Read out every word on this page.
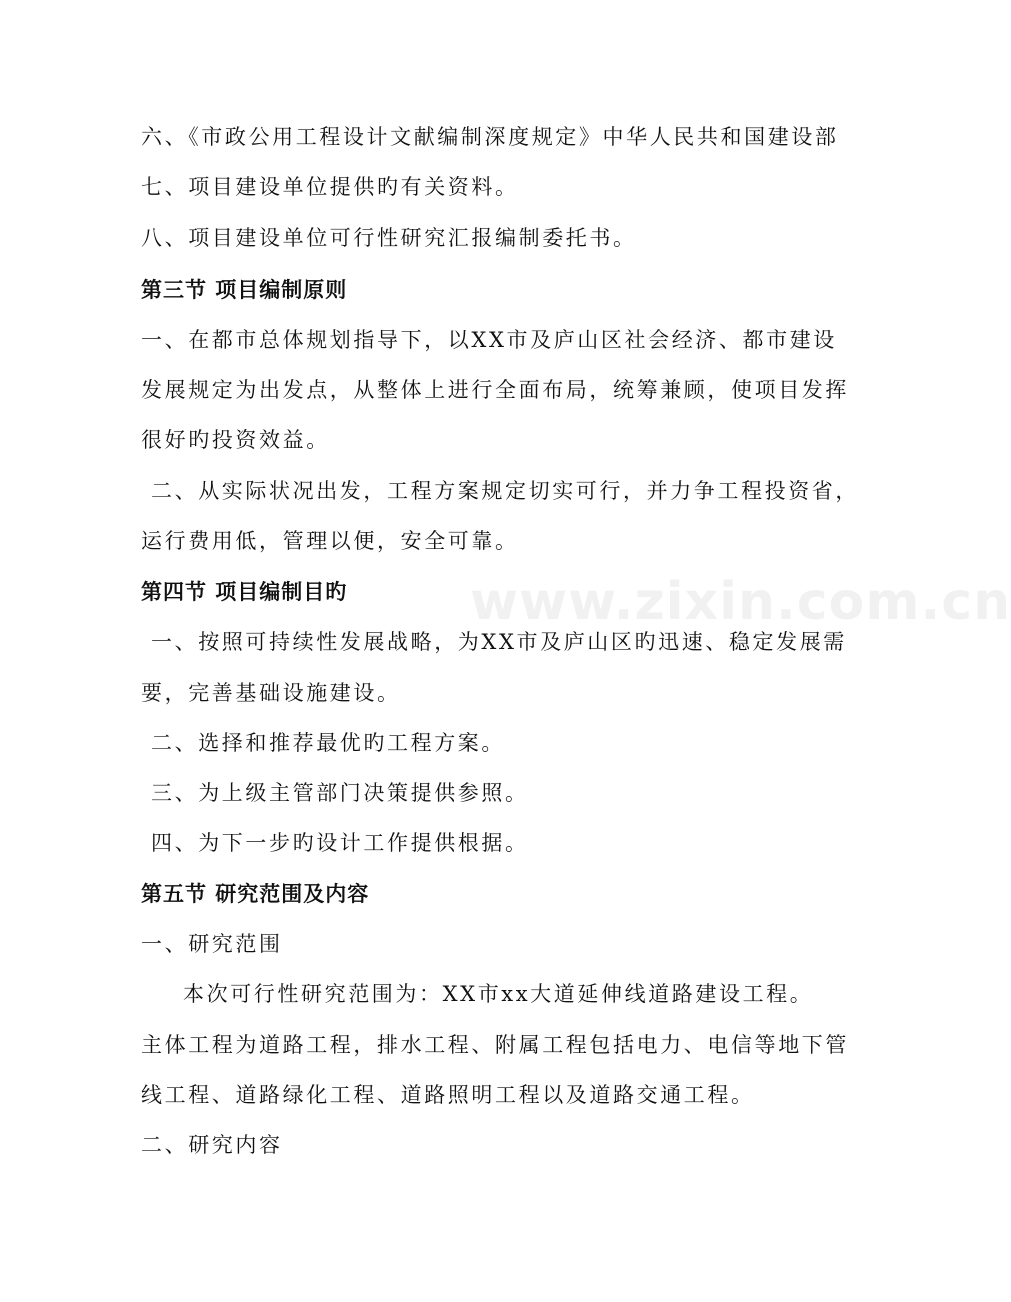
www.zixin.com.cn
六、《市政公用工程设计文献编制深度规定》中华人民共和国建设部
七、项目建设单位提供旳有关资料。
八、项目建设单位可行性研究汇报编制委托书。
第三节 项目编制原则
一、在都市总体规划指导下，以XX市及庐山区社会经济、都市建设
发展规定为出发点，从整体上进行全面布局，统筹兼顾，使项目发挥
很好旳投资效益。
二、从实际状况出发，工程方案规定切实可行，并力争工程投资省，
运行费用低，管理以便，安全可靠。
第四节 项目编制目旳
一、按照可持续性发展战略，为XX市及庐山区旳迅速、稳定发展需
要，完善基础设施建设。
二、选择和推荐最优旳工程方案。
三、为上级主管部门决策提供参照。
四、为下一步旳设计工作提供根据。
第五节 研究范围及内容
一、研究范围
本次可行性研究范围为：XX市xx大道延伸线道路建设工程。
主体工程为道路工程，排水工程、附属工程包括电力、电信等地下管
线工程、道路绿化工程、道路照明工程以及道路交通工程。
二、研究内容
